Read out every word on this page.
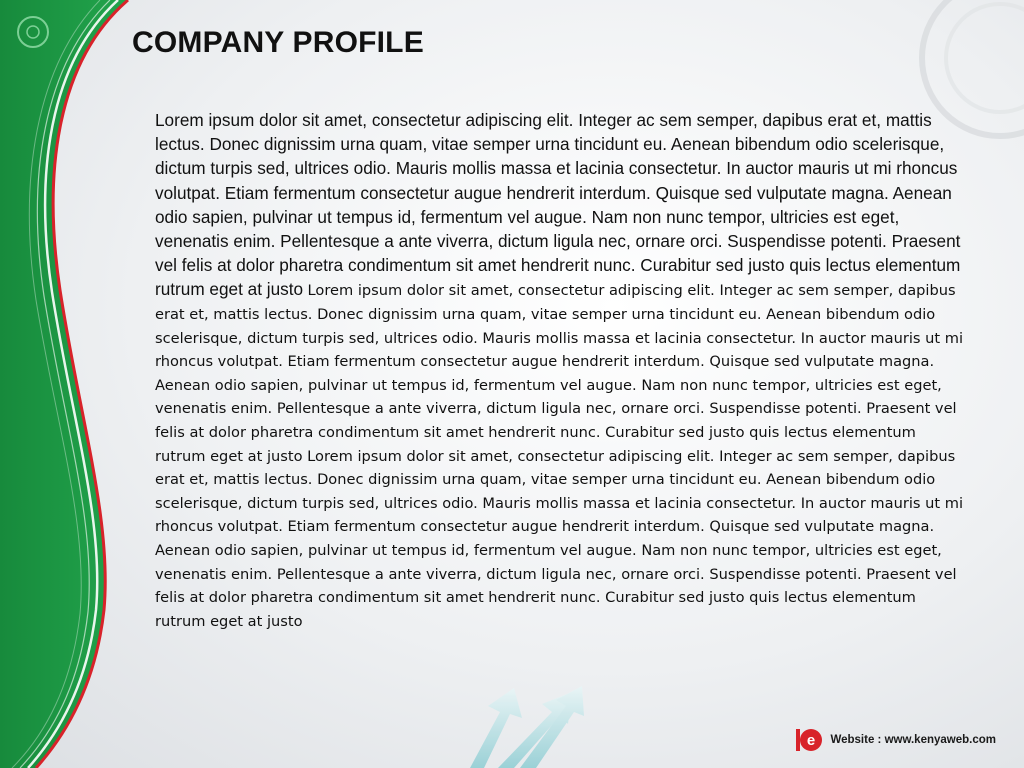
COMPANY PROFILE

Lorem ipsum dolor sit amet, consectetur adipiscing elit. Integer ac sem semper, dapibus erat et, mattis lectus. Donec dignissim urna quam, vitae semper urna tincidunt eu. Aenean bibendum odio scelerisque, dictum turpis sed, ultrices odio. Mauris mollis massa et lacinia consectetur. In auctor mauris ut mi rhoncus volutpat. Etiam fermentum consectetur augue hendrerit interdum. Quisque sed vulputate magna. Aenean odio sapien, pulvinar ut tempus id, fermentum vel augue. Nam non nunc tempor, ultricies est eget, venenatis enim. Pellentesque a ante viverra, dictum ligula nec, ornare orci. Suspendisse potenti. Praesent vel felis at dolor pharetra condimentum sit amet hendrerit nunc. Curabitur sed justo quis lectus elementum rutrum eget at justo Lorem ipsum dolor sit amet, consectetur adipiscing elit. Integer ac sem semper, dapibus erat et, mattis lectus. Donec dignissim urna quam, vitae semper urna tincidunt eu. Aenean bibendum odio scelerisque, dictum turpis sed, ultrices odio. Mauris mollis massa et lacinia consectetur. In auctor mauris ut mi rhoncus volutpat. Etiam fermentum consectetur augue hendrerit interdum. Quisque sed vulputate magna. Aenean odio sapien, pulvinar ut tempus id, fermentum vel augue. Nam non nunc tempor, ultricies est eget, venenatis enim. Pellentesque a ante viverra, dictum ligula nec, ornare orci. Suspendisse potenti. Praesent vel felis at dolor pharetra condimentum sit amet hendrerit nunc. Curabitur sed justo quis lectus elementum rutrum eget at justo Lorem ipsum dolor sit amet, consectetur adipiscing elit. Integer ac sem semper, dapibus erat et, mattis lectus. Donec dignissim urna quam, vitae semper urna tincidunt eu. Aenean bibendum odio scelerisque, dictum turpis sed, ultrices odio. Mauris mollis massa et lacinia consectetur. In auctor mauris ut mi rhoncus volutpat. Etiam fermentum consectetur augue hendrerit interdum. Quisque sed vulputate magna. Aenean odio sapien, pulvinar ut tempus id, fermentum vel augue. Nam non nunc tempor, ultricies est eget, venenatis enim. Pellentesque a ante viverra, dictum ligula nec, ornare orci. Suspendisse potenti. Praesent vel felis at dolor pharetra condimentum sit amet hendrerit nunc. Curabitur sed justo quis lectus elementum rutrum eget at justo

e Website : www.kenyaweb.com
